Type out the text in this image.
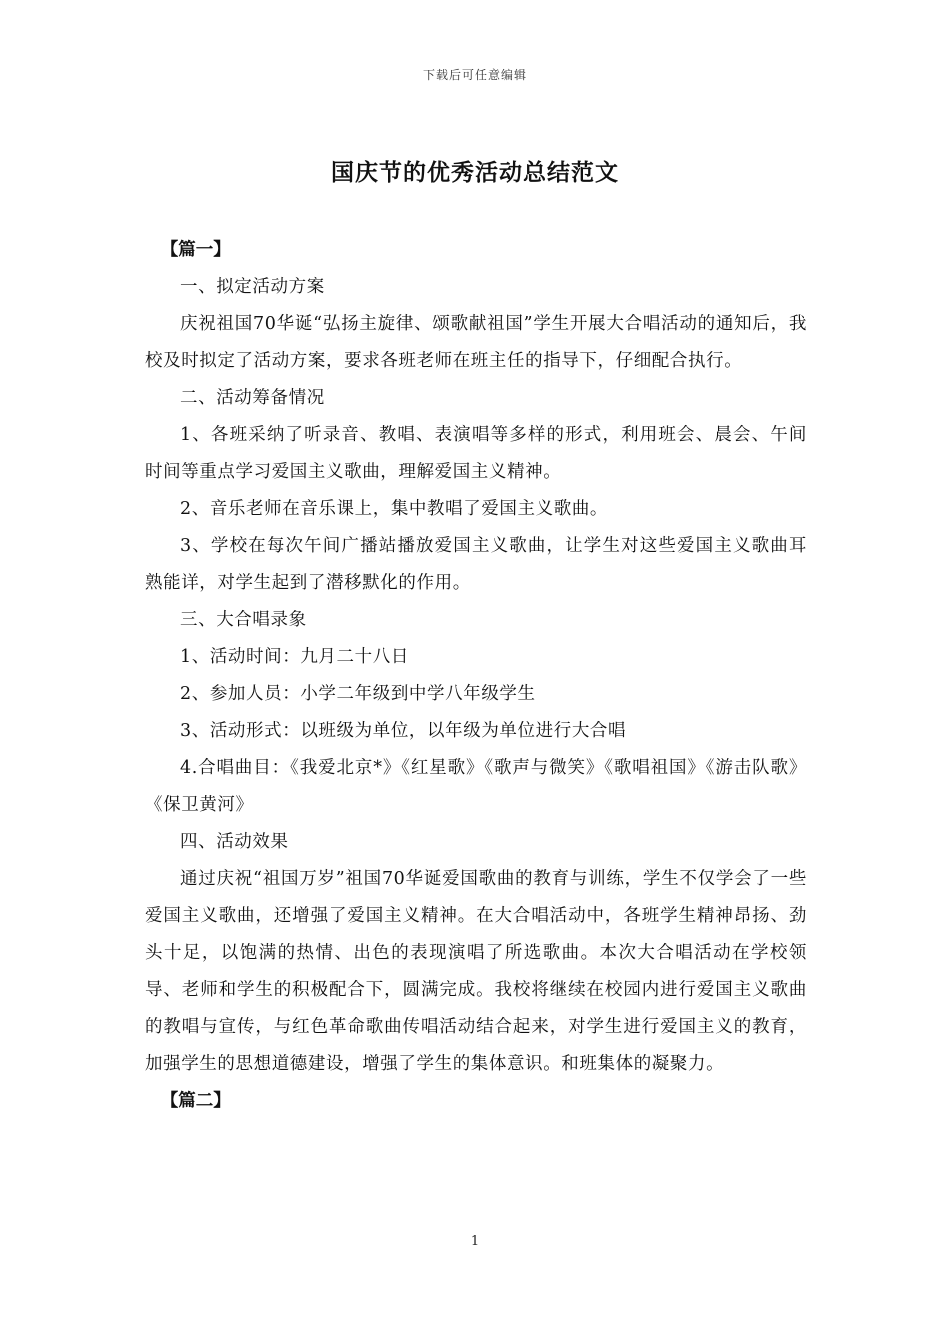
下载后可任意编辑
国庆节的优秀活动总结范文

【篇一】

一、拟定活动方案

庆祝祖国70华诞“弘扬主旋律、颂歌献祖国”学生开展大合唱活动的通知后，我校及时拟定了活动方案，要求各班老师在班主任的指导下，仔细配合执行。

二、活动筹备情况

1、各班采纳了听录音、教唱、表演唱等多样的形式，利用班会、晨会、午间时间等重点学习爱国主义歌曲，理解爱国主义精神。

2、音乐老师在音乐课上，集中教唱了爱国主义歌曲。

3、学校在每次午间广播站播放爱国主义歌曲，让学生对这些爱国主义歌曲耳熟能详，对学生起到了潜移默化的作用。

三、大合唱录象

1、活动时间：九月二十八日

2、参加人员：小学二年级到中学八年级学生

3、活动形式：以班级为单位，以年级为单位进行大合唱

4.合唱曲目：《我爱北京*》《红星歌》《歌声与微笑》《歌唱祖国》《游击队歌》《保卫黄河》

四、活动效果

通过庆祝“祖国万岁”祖国70华诞爱国歌曲的教育与训练，学生不仅学会了一些爱国主义歌曲，还增强了爱国主义精神。在大合唱活动中，各班学生精神昂扬、劲头十足，以饱满的热情、出色的表现演唱了所选歌曲。本次大合唱活动在学校领导、老师和学生的积极配合下，圆满完成。我校将继续在校园内进行爱国主义歌曲的教唱与宣传，与红色革命歌曲传唱活动结合起来，对学生进行爱国主义的教育，加强学生的思想道德建设，增强了学生的集体意识。和班集体的凝聚力。

【篇二】

1
